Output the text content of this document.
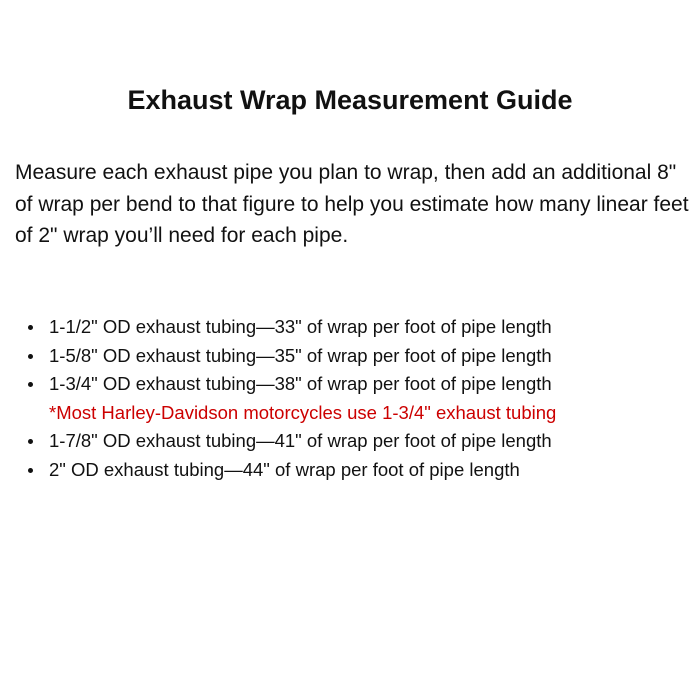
Exhaust Wrap Measurement Guide

Measure each exhaust pipe you plan to wrap, then add an additional 8" of wrap per bend to that figure to help you estimate how many linear feet of 2" wrap you’ll need for each pipe.

1-1/2" OD exhaust tubing—33" of wrap per foot of pipe length
1-5/8" OD exhaust tubing—35" of wrap per foot of pipe length
1-3/4" OD exhaust tubing—38" of wrap per foot of pipe length
*Most Harley-Davidson motorcycles use 1-3/4" exhaust tubing
1-7/8" OD exhaust tubing—41" of wrap per foot of pipe length
2" OD exhaust tubing—44" of wrap per foot of pipe length
